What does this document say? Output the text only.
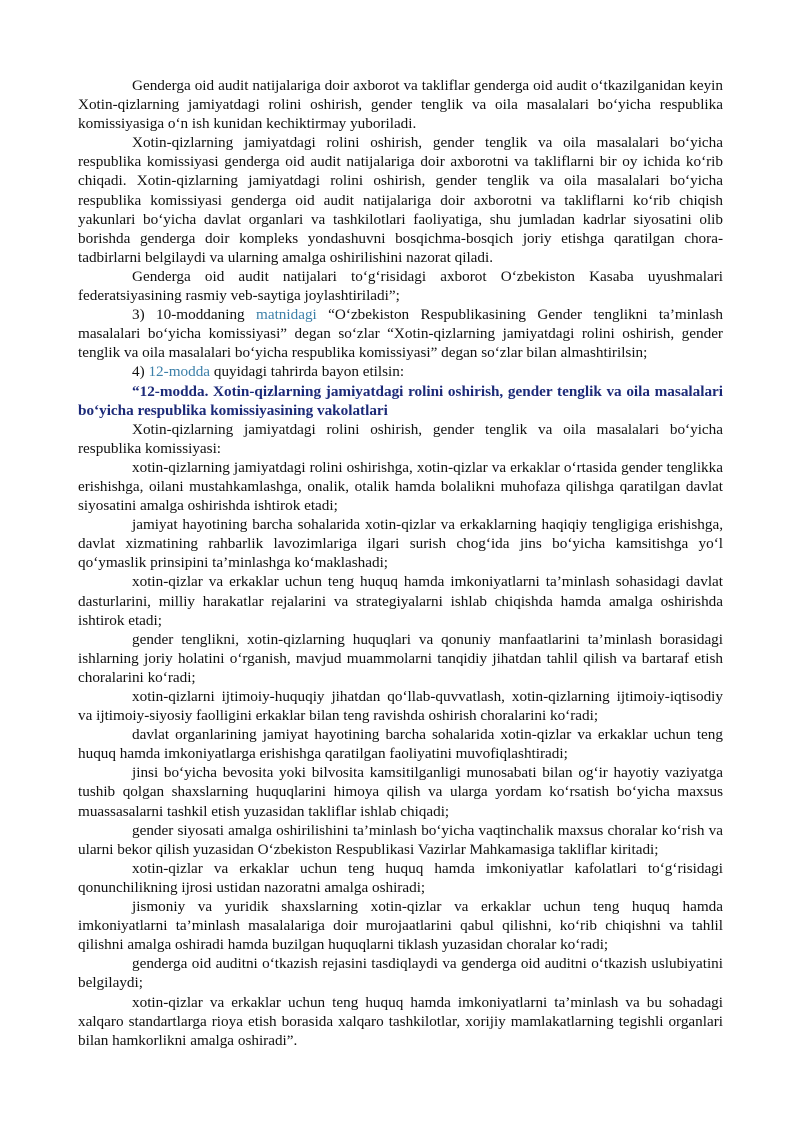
Genderga oid audit natijalariga doir axborot va takliflar genderga oid audit o‘tkazilganidan keyin Xotin-qizlarning jamiyatdagi rolini oshirish, gender tenglik va oila masalalari bo‘yicha respublika komissiyasiga o‘n ish kunidan kechiktirmay yuboriladi.

Xotin-qizlarning jamiyatdagi rolini oshirish, gender tenglik va oila masalalari bo‘yicha respublika komissiyasi genderga oid audit natijalariga doir axborotni va takliflarni bir oy ichida ko‘rib chiqadi. Xotin-qizlarning jamiyatdagi rolini oshirish, gender tenglik va oila masalalari bo‘yicha respublika komissiyasi genderga oid audit natijalariga doir axborotni va takliflarni ko‘rib chiqish yakunlari bo‘yicha davlat organlari va tashkilotlari faoliyatiga, shu jumladan kadrlar siyosatini olib borishda genderga doir kompleks yondashuvni bosqichma-bosqich joriy etishga qaratilgan chora-tadbirlarni belgilaydi va ularning amalga oshirilishini nazorat qiladi.

Genderga oid audit natijalari to‘g‘risidagi axborot O‘zbekiston Kasaba uyushmalari federatsiyasining rasmiy veb-saytiga joylashtiriladi”;

3) 10-moddaning matnidagi “O‘zbekiston Respublikasining Gender tenglikni ta’minlash masalalari bo‘yicha komissiyasi” degan so‘zlar “Xotin-qizlarning jamiyatdagi rolini oshirish, gender tenglik va oila masalalari bo‘yicha respublika komissiyasi” degan so‘zlar bilan almashtirilsin;

4) 12-modda quyidagi tahrirda bayon etilsin:

“12-modda. Xotin-qizlarning jamiyatdagi rolini oshirish, gender tenglik va oila masalalari bo‘yicha respublika komissiyasining vakolatlari

Xotin-qizlarning jamiyatdagi rolini oshirish, gender tenglik va oila masalalari bo‘yicha respublika komissiyasi:

xotin-qizlarning jamiyatdagi rolini oshirishga, xotin-qizlar va erkaklar o‘rtasida gender tenglikka erishishga, oilani mustahkamlashga, onalik, otalik hamda bolalikni muhofaza qilishga qaratilgan davlat siyosatini amalga oshirishda ishtirok etadi;

jamiyat hayotining barcha sohalarida xotin-qizlar va erkaklarning haqiqiy tengligiga erishishga, davlat xizmatining rahbarlik lavozimlariga ilgari surish chog‘ida jins bo‘yicha kamsitishga yo‘l qo‘ymaslik prinsipini ta’minlashga ko‘maklashadi;

xotin-qizlar va erkaklar uchun teng huquq hamda imkoniyatlarni ta’minlash sohasidagi davlat dasturlarini, milliy harakatlar rejalarini va strategiyalarni ishlab chiqishda hamda amalga oshirishda ishtirok etadi;

gender tenglikni, xotin-qizlarning huquqlari va qonuniy manfaatlarini ta’minlash borasidagi ishlarning joriy holatini o‘rganish, mavjud muammolarni tanqidiy jihatdan tahlil qilish va bartaraf etish choralarini ko‘radi;

xotin-qizlarni ijtimoiy-huquqiy jihatdan qo‘llab-quvvatlash, xotin-qizlarning ijtimoiy-iqtisodiy va ijtimoiy-siyosiy faolligini erkaklar bilan teng ravishda oshirish choralarini ko‘radi;

davlat organlarining jamiyat hayotining barcha sohalarida xotin-qizlar va erkaklar uchun teng huquq hamda imkoniyatlarga erishishga qaratilgan faoliyatini muvofiqlashtiradi;

jinsi bo‘yicha bevosita yoki bilvosita kamsitilganligi munosabati bilan og‘ir hayotiy vaziyatga tushib qolgan shaxslarning huquqlarini himoya qilish va ularga yordam ko‘rsatish bo‘yicha maxsus muassasalarni tashkil etish yuzasidan takliflar ishlab chiqadi;

gender siyosati amalga oshirilishini ta’minlash bo‘yicha vaqtinchalik maxsus choralar ko‘rish va ularni bekor qilish yuzasidan O‘zbekiston Respublikasi Vazirlar Mahkamasiga takliflar kiritadi;

xotin-qizlar va erkaklar uchun teng huquq hamda imkoniyatlar kafolatlari to‘g‘risidagi qonunchilikning ijrosi ustidan nazoratni amalga oshiradi;

jismoniy va yuridik shaxslarning xotin-qizlar va erkaklar uchun teng huquq hamda imkoniyatlarni ta’minlash masalalariga doir murojaatlarini qabul qilishni, ko‘rib chiqishni va tahlil qilishni amalga oshiradi hamda buzilgan huquqlarni tiklash yuzasidan choralar ko‘radi;

genderga oid auditni o‘tkazish rejasini tasdiqlaydi va genderga oid auditni o‘tkazish uslubiyatini belgilaydi;

xotin-qizlar va erkaklar uchun teng huquq hamda imkoniyatlarni ta’minlash va bu sohadagi xalqaro standartlarga rioya etish borasida xalqaro tashkilotlar, xorijiy mamlakatlarning tegishli organlari bilan hamkorlikni amalga oshiradi”.
